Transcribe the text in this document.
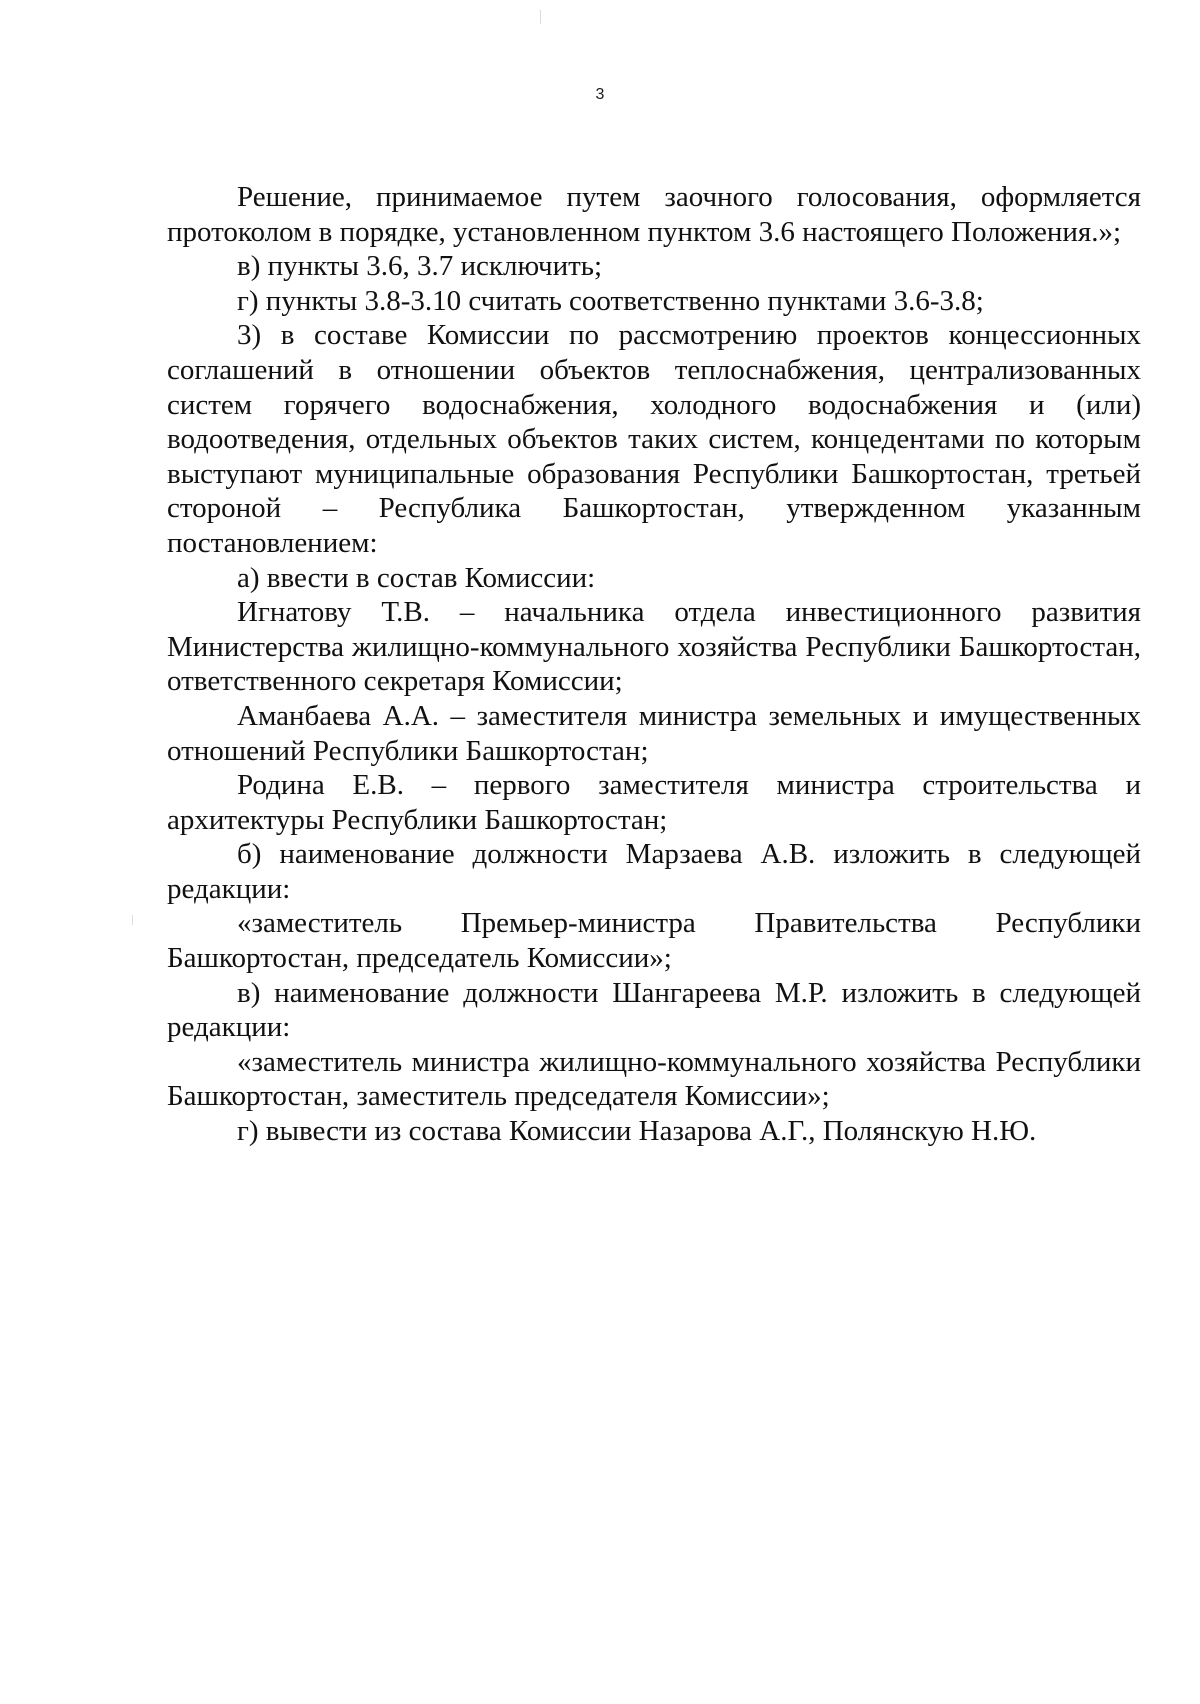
3

Решение, принимаемое путем заочного голосования, оформляется протоколом в порядке, установленном пунктом 3.6 настоящего Положения.»;

в) пункты 3.6, 3.7 исключить;

г) пункты 3.8-3.10 считать соответственно пунктами 3.6-3.8;

3) в составе Комиссии по рассмотрению проектов концессионных соглашений в отношении объектов теплоснабжения, централизованных систем горячего водоснабжения, холодного водоснабжения и (или) водоотведения, отдельных объектов таких систем, концедентами по которым выступают муниципальные образования Республики Башкортостан, третьей стороной – Республика Башкортостан, утвержденном указанным постановлением:

а) ввести в состав Комиссии:

Игнатову Т.В. – начальника отдела инвестиционного развития Министерства жилищно-коммунального хозяйства Республики Башкортостан, ответственного секретаря Комиссии;

Аманбаева А.А. – заместителя министра земельных и имущественных отношений Республики Башкортостан;

Родина Е.В. – первого заместителя министра строительства и архитектуры Республики Башкортостан;

б) наименование должности Марзаева А.В. изложить в следующей редакции:

«заместитель Премьер-министра Правительства Республики Башкортостан, председатель Комиссии»;

в) наименование должности Шангареева М.Р. изложить в следующей редакции:

«заместитель министра жилищно-коммунального хозяйства Республики Башкортостан, заместитель председателя Комиссии»;

г) вывести из состава Комиссии Назарова А.Г., Полянскую Н.Ю.
